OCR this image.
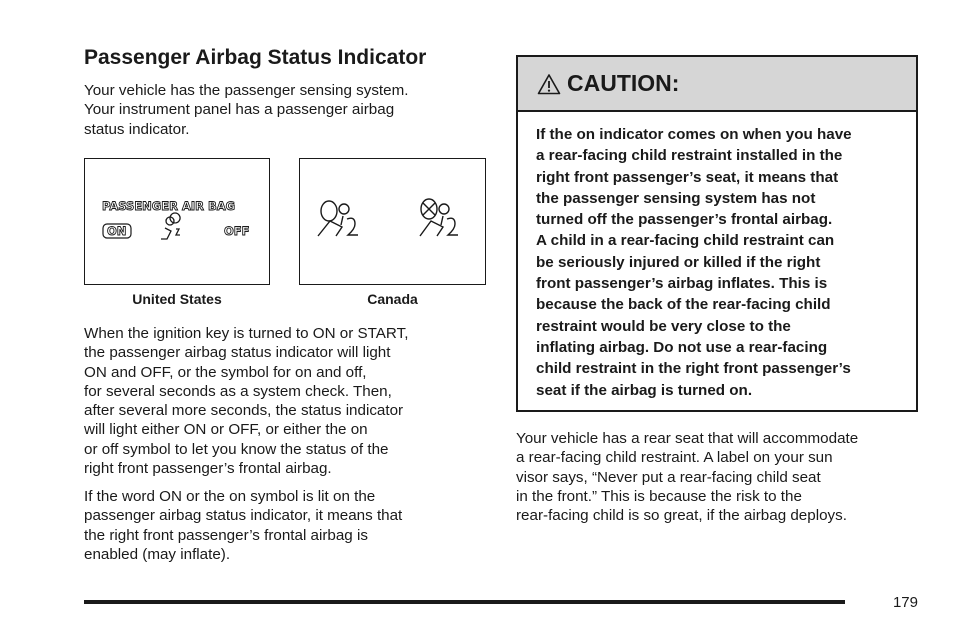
Passenger Airbag Status Indicator

Your vehicle has the passenger sensing system.
Your instrument panel has a passenger airbag
status indicator.

PASSENGER AIR BAG
ON	OFF
United States	Canada

When the ignition key is turned to ON or START,
the passenger airbag status indicator will light
ON and OFF, or the symbol for on and off,
for several seconds as a system check. Then,
after several more seconds, the status indicator
will light either ON or OFF, or either the on
or off symbol to let you know the status of the
right front passenger’s frontal airbag.

If the word ON or the on symbol is lit on the
passenger airbag status indicator, it means that
the right front passenger’s frontal airbag is
enabled (may inflate).

CAUTION:

If the on indicator comes on when you have
a rear-facing child restraint installed in the
right front passenger’s seat, it means that
the passenger sensing system has not
turned off the passenger’s frontal airbag.
A child in a rear-facing child restraint can
be seriously injured or killed if the right
front passenger’s airbag inflates. This is
because the back of the rear-facing child
restraint would be very close to the
inflating airbag. Do not use a rear-facing
child restraint in the right front passenger’s
seat if the airbag is turned on.

Your vehicle has a rear seat that will accommodate
a rear-facing child restraint. A label on your sun
visor says, “Never put a rear-facing child seat
in the front.” This is because the risk to the
rear-facing child is so great, if the airbag deploys.

179
